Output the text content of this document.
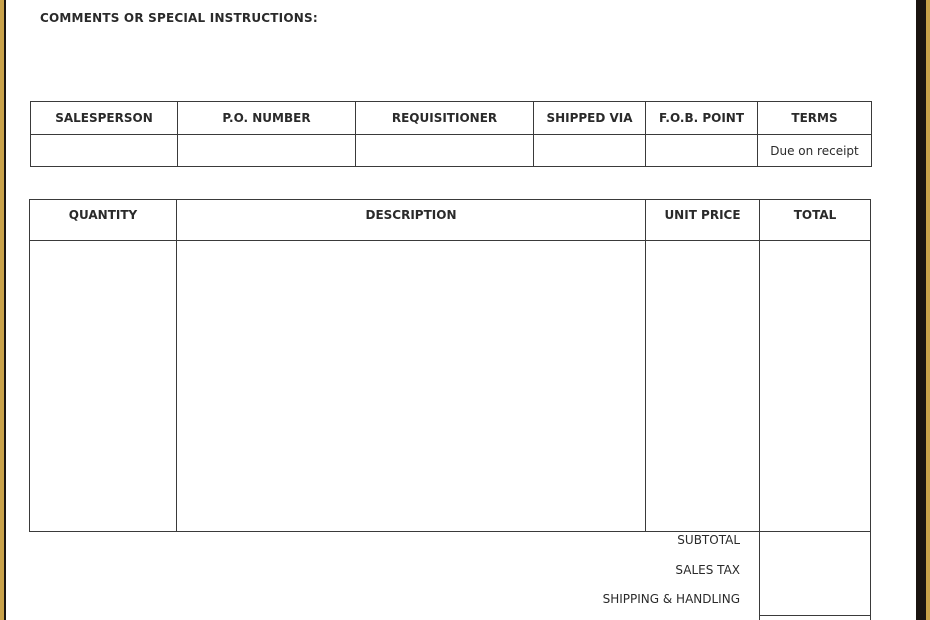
COMMENTS OR SPECIAL INSTRUCTIONS:
SALESPERSON	P.O. NUMBER	REQUISITIONER	SHIPPED VIA	F.O.B. POINT	TERMS
					Due on receipt
QUANTITY	DESCRIPTION	UNIT PRICE	TOTAL

SUBTOTAL
SALES TAX
SHIPPING & HANDLING
